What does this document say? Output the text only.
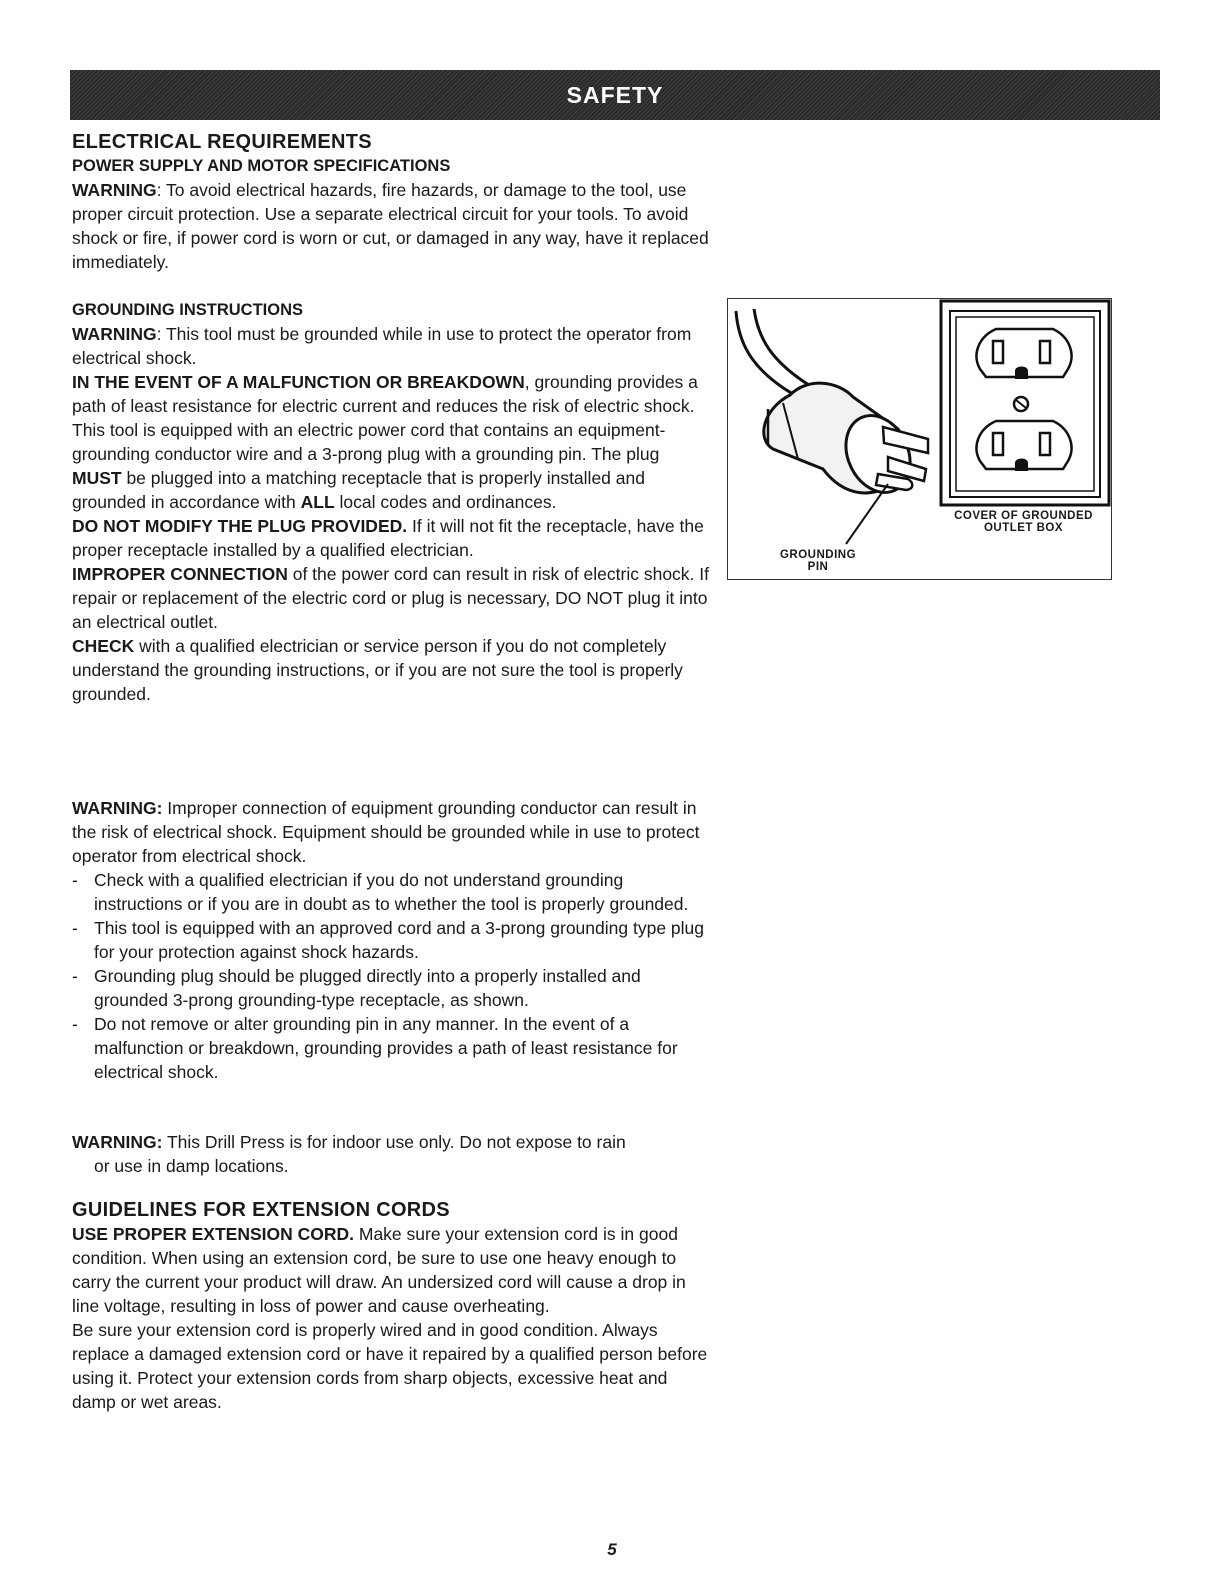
SAFETY

ELECTRICAL REQUIREMENTS

POWER SUPPLY AND MOTOR SPECIFICATIONS

WARNING: To avoid electrical hazards, fire hazards, or damage to the tool, use proper circuit protection. Use a separate electrical circuit for your tools. To avoid shock or fire, if power cord is worn or cut, or damaged in any way, have it replaced immediately.

GROUNDING INSTRUCTIONS

WARNING: This tool must be grounded while in use to protect the operator from electrical shock.

IN THE EVENT OF A MALFUNCTION OR BREAKDOWN, grounding provides a path of least resistance for electric current and reduces the risk of electric shock. This tool is equipped with an electric power cord that contains an equipment-grounding conductor wire and a 3-prong plug with a grounding pin. The plug MUST be plugged into a matching receptacle that is properly installed and grounded in accordance with ALL local codes and ordinances.

DO NOT MODIFY THE PLUG PROVIDED. If it will not fit the receptacle, have the proper receptacle installed by a qualified electrician.

IMPROPER CONNECTION of the power cord can result in risk of electric shock. If repair or replacement of the electric cord or plug is necessary, DO NOT plug it into an electrical outlet.

CHECK with a qualified electrician or service person if you do not completely understand the grounding instructions, or if you are not sure the tool is properly grounded.

COVER OF GROUNDED
OUTLET BOX
GROUNDING
PIN

WARNING: Improper connection of equipment grounding conductor can result in the risk of electrical shock. Equipment should be grounded while in use to protect operator from electrical shock.

- Check with a qualified electrician if you do not understand grounding instructions or if you are in doubt as to whether the tool is properly grounded.
- This tool is equipped with an approved cord and a 3-prong grounding type plug for your protection against shock hazards.
- Grounding plug should be plugged directly into a properly installed and grounded 3-prong grounding-type receptacle, as shown.
- Do not remove or alter grounding pin in any manner. In the event of a malfunction or breakdown, grounding provides a path of least resistance for electrical shock.

WARNING: This Drill Press is for indoor use only. Do not expose to rain

or use in damp locations.

GUIDELINES FOR EXTENSION CORDS

USE PROPER EXTENSION CORD. Make sure your extension cord is in good condition. When using an extension cord, be sure to use one heavy enough to carry the current your product will draw. An undersized cord will cause a drop in line voltage, resulting in loss of power and cause overheating.

Be sure your extension cord is properly wired and in good condition. Always replace a damaged extension cord or have it repaired by a qualified person before using it. Protect your extension cords from sharp objects, excessive heat and damp or wet areas.

5
